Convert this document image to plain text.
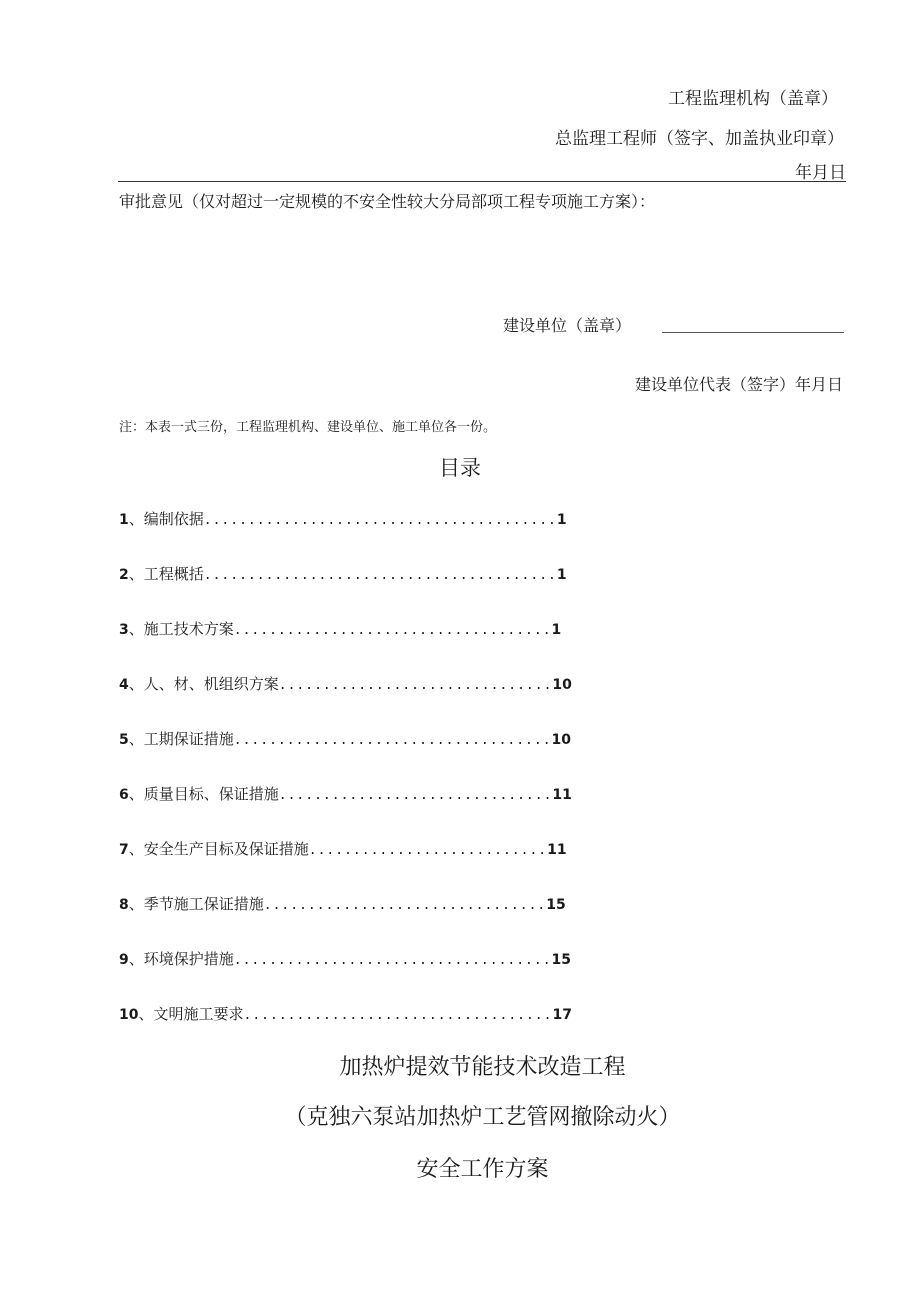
工程监理机构（盖章）
总监理工程师（签字、加盖执业印章）
年月日
审批意见（仅对超过一定规模的不安全性较大分局部项工程专项施工方案）：
建设单位（盖章）
建设单位代表（签字）年月日
注：本表一式三份，工程监理机构、建设单位、施工单位各一份。
目录
1 、 编制依据 ........................................ 1
2 、 工程概括 ........................................ 1
3 、 施工技术方案 .................................... 1
4 、 人、材、机组织方案 ............................... 10
5 、 工期保证措施 .................................... 10
6 、 质量目标、保证措施 ............................... 11
7 、 安全生产目标及保证措施 ........................... 11
8 、 季节施工保证措施 ................................ 15
9 、 环境保护措施 .................................... 15
10 、 文明施工要求 ................................... 17
加热炉提效节能技术改造工程
（克独六泵站加热炉工艺管网撤除动火）
安全工作方案
